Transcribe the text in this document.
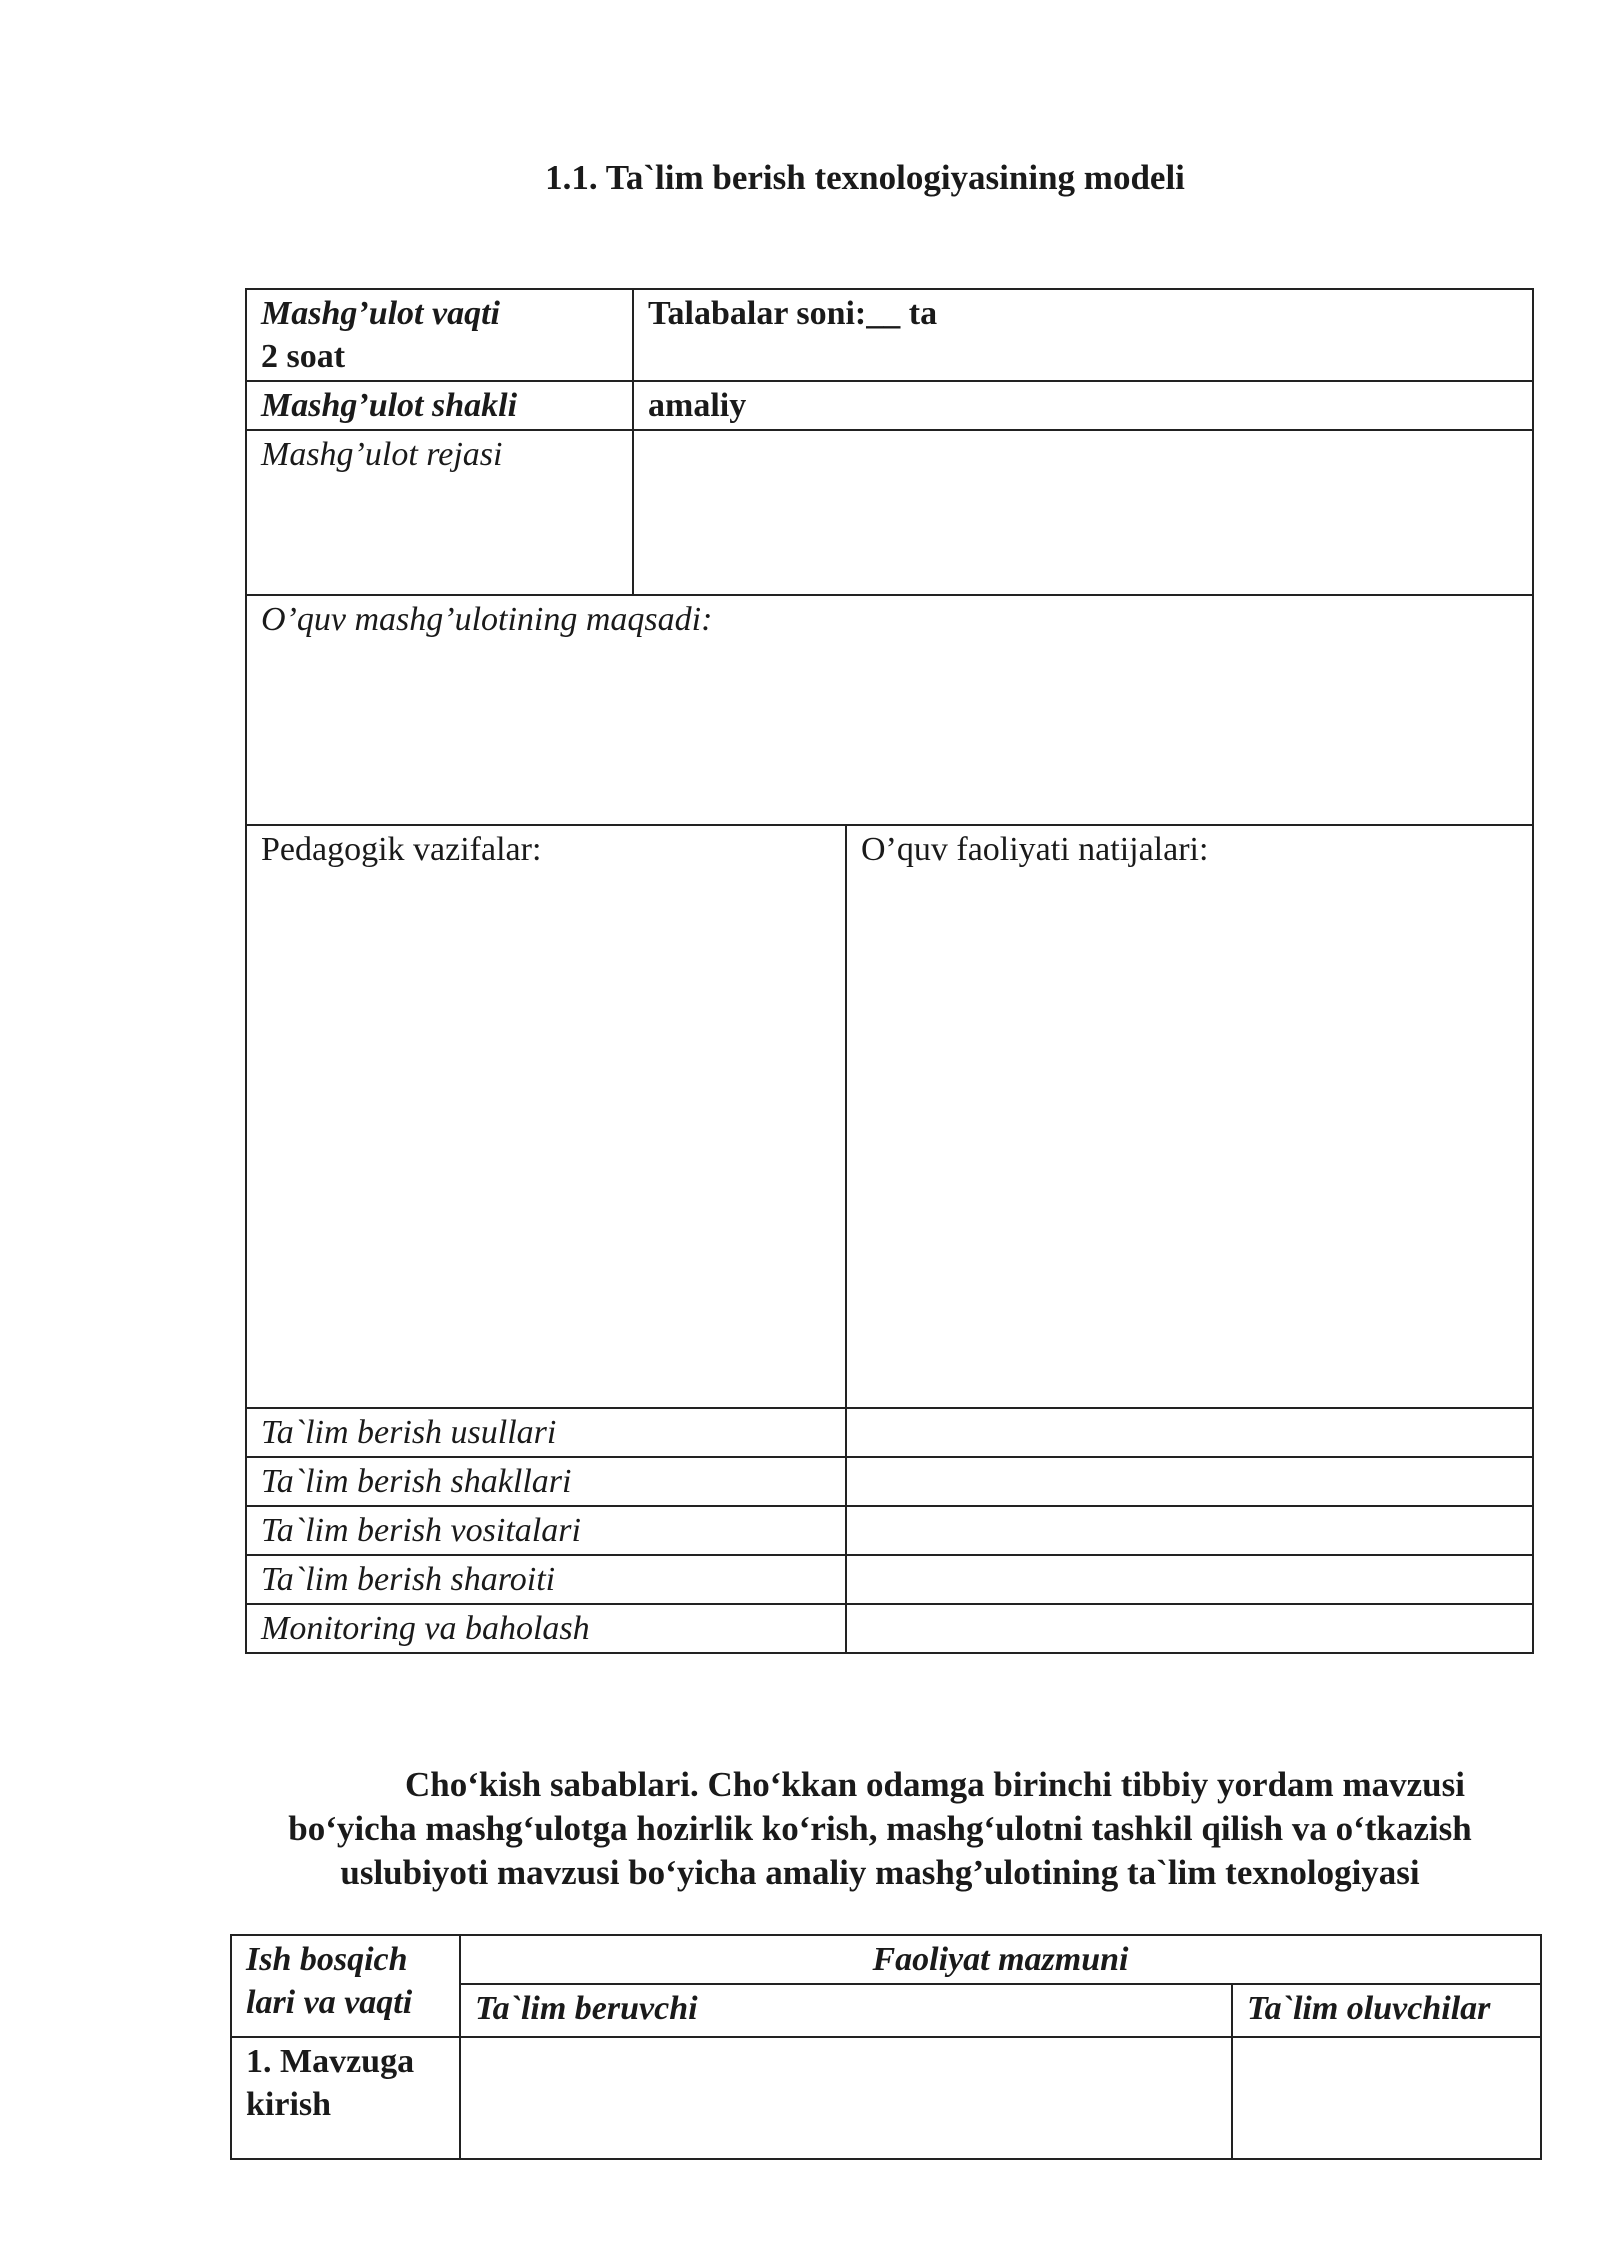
1.1. Ta`lim berish texnologiyasining modeli
Mashg’ulot vaqti
2 soat	Talabalar soni:__ ta	
Mashg’ulot shakli	amaliy	
Mashg’ulot rejasi		
O’quv mashg’ulotining maqsadi:		
Pedagogik vazifalar:		O’quv faoliyati natijalari:
Ta`lim berish usullari		
Ta`lim berish shakllari		
Ta`lim berish vositalari		
Ta`lim berish sharoiti		
Monitoring va baholash		
Cho‘kish sabablari. Cho‘kkan odamga birinchi tibbiy yordam mavzusi
bo‘yicha mashg‘ulotga hozirlik ko‘rish, mashg‘ulotni tashkil qilish va o‘tkazish
uslubiyoti mavzusi bo‘yicha amaliy mashg’ulotining ta`lim texnologiyasi
Ish bosqich lari va vaqti	Faoliyat mazmuni	
	Ta`lim beruvchi	Ta`lim oluvchilar
1. Mavzuga kirish		
